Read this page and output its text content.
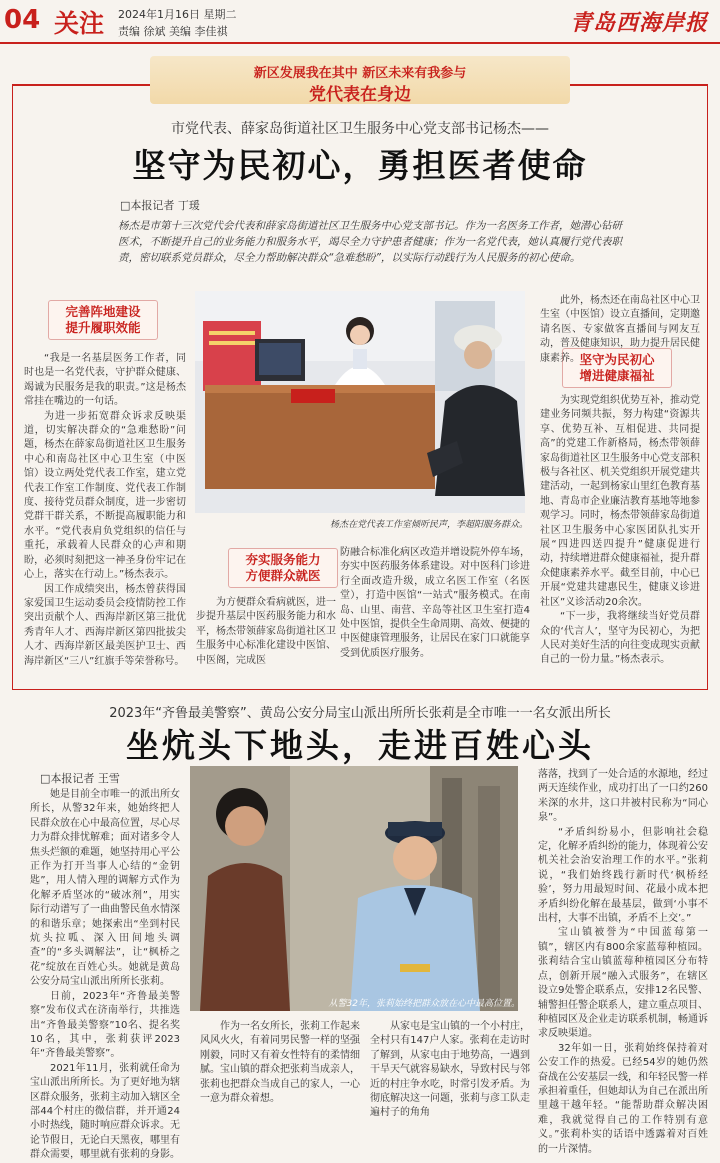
04 关注 2024年1月16日 星期二
责编 徐斌 美编 李佳祺	青岛西海岸报
新区发展我在其中 新区未来有我参与
党代表在身边
市党代表、薛家岛街道社区卫生服务中心党支部书记杨杰——
坚守为民初心，勇担医者使命
□本报记者 丁瑗
杨杰是市第十三次党代会代表和薛家岛街道社区卫生服务中心党支部书记。作为一名医务工作者，她潜心钻研医术，不断提升自己的业务能力和服务水平，竭尽全力守护患者健康；作为一名党代表，她认真履行党代表职责，密切联系党员群众，尽全力帮助解决群众“急难愁盼”，以实际行动践行为人民服务的初心使命。
完善阵地建设
提升履职效能
夯实服务能力
方便群众就医
坚守为民初心
增进健康福祉

“我是一名基层医务工作者，同时也是一名党代表，守护群众健康、竭诚为民服务是我的职责。”这是杨杰常挂在嘴边的一句话。

为进一步拓宽群众诉求反映渠道，切实解决群众的“急难愁盼”问题，杨杰在薛家岛街道社区卫生服务中心和南岛社区中心卫生室（中医馆）设立两处党代表工作室，建立党代表工作室工作制度、党代表工作制度、接待党员群众制度，进一步密切党群干群关系，不断提高履职能力和水平。“党代表肩负党组织的信任与重托，承载着人民群众的心声和期盼，必须时刻把这一神圣身份牢记在心上，落实在行动上。”杨杰表示。

因工作成绩突出，杨杰曾获得国家爱国卫生运动委员会疫情防控工作突出贡献个人、西海岸新区第三批优秀青年人才、西海岸新区第四批拔尖人才、西海岸新区最美医护卫士、西海岸新区“三八”红旗手等荣誉称号。

为方便群众看病就医，进一步提升基层中医药服务能力和水平，杨杰带领薛家岛街道社区卫生服务中心标准化建设中医馆、中医阁，完成医

防融合标准化病区改造并增设院外停车场，夯实中医药服务体系建设。对中医科门诊进行全面改造升级，成立名医工作室（名医堂），打造中医馆“一站式”服务模式。在南岛、山里、南营、辛岛等社区卫生室打造4处中医馆，提供全生命周期、高效、便捷的中医健康管理服务，让居民在家门口就能享受到优质医疗服务。

此外，杨杰还在南岛社区中心卫生室（中医馆）设立直播间，定期邀请名医、专家做客直播间与网友互动，普及健康知识，助力提升居民健康素养。

为实现党组织优势互补，推动党建业务同频共振，努力构建“资源共享、优势互补、互相促进、共同提高”的党建工作新格局，杨杰带领薛家岛街道社区卫生服务中心党支部积极与各社区、机关党组织开展党建共建活动，一起到杨家山里红色教育基地、青岛市企业廉洁教育基地等地参观学习。同时，杨杰带领薛家岛街道社区卫生服务中心家医团队扎实开展“四进四送四提升”健康促进行动，持续增进群众健康福祉，提升群众健康素养水平。截至目前，中心已开展“党建共建惠民生，健康义诊进社区”义诊活动20余次。

“下一步，我将继续当好党员群众的‘代言人’，坚守为民初心，为把人民对美好生活的向往变成现实贡献自己的一份力量。”杨杰表示。

杨杰在党代表工作室倾听民声，李超阳服务群众。
2023年“齐鲁最美警察”、黄岛公安分局宝山派出所所长张莉是全市唯一一名女派出所长
坐炕头下地头，走进百姓心头
□本报记者 王雪

她是目前全市唯一的派出所女所长，从警32年来，她始终把人民群众放在心中最高位置，尽心尽力为群众排忧解难；面对诸多令人焦头烂额的难题，她坚持用心平公正作为打开当事人心结的“金钥匙”，用人情入理的调解方式作为化解矛盾坚冰的“破冰剂”，用实际行动谱写了一曲曲警民鱼水情深的和谐乐章；她探索出“坐到村民炕头拉呱、深入田间地头调查”的“多头调解法”，让“枫桥之花”绽放在百姓心头。她就是黄岛公安分局宝山派出所所长张莉。

日前，2023年“齐鲁最美警察”发布仪式在济南举行，共推选出“齐鲁最美警察”10名、提名奖10名，其中，张莉获评2023年“齐鲁最美警察”。

2021年11月，张莉就任命为宝山派出所所长。为了更好地为辖区群众服务，张莉主动加入辖区全部44个村庄的微信群，并开通24小时热线，随时响应群众诉求。无论节假日，无论白天黑夜，哪里有群众需要，哪里就有张莉的身影。

从警32年，张莉始终把群众放在心中最高位置。

作为一名女所长，张莉工作起来风风火火，有着同男民警一样的坚强刚毅，同时又有着女性特有的柔情细腻。宝山镇的群众把张莉当成亲人，张莉也把群众当成自己的家人，一心一意为群众着想。

从家屯是宝山镇的一个小村庄，全村只有147户人家。张莉在走访时了解到，从家屯由于地势高，一遇到干旱天气就容易缺水，导致村民与邻近的村庄争水吃，时常引发矛盾。为彻底解决这一问题，张莉与彦工队走遍村子的角角

落落，找到了一处合适的水源地，经过两天连续作业，成功打出了一口约260米深的水井，这口井被村民称为“同心泉”。

“矛盾纠纷易小，但影响社会稳定，化解矛盾纠纷的能力，体现着公安机关社会治安治理工作的水平。”张莉说，“我们始终践行新时代‘枫桥经验’，努力用最短时间、花最小成本把矛盾纠纷化解在最基层，做到‘小事不出村，大事不出镇，矛盾不上交’。”

宝山镇被誉为“中国蓝莓第一镇”，辖区内有800余家蓝莓种植园。张莉结合宝山镇蓝莓种植园区分布特点，创新开展“融入式服务”，在辖区设立9处警企联系点，安排12名民警、辅警担任警企联系人，建立重点项目、种植园区及企业走访联系机制，畅通诉求反映渠道。

32年如一日，张莉始终保持着对公安工作的热爱。已经54岁的她仍然奋战在公安基层一线，和年轻民警一样承担着重任，但她却认为自己在派出所里越干越年轻。“能帮助群众解决困难，我就觉得自己的工作特别有意义。”张莉朴实的话语中透露着对百姓的一片深情。
